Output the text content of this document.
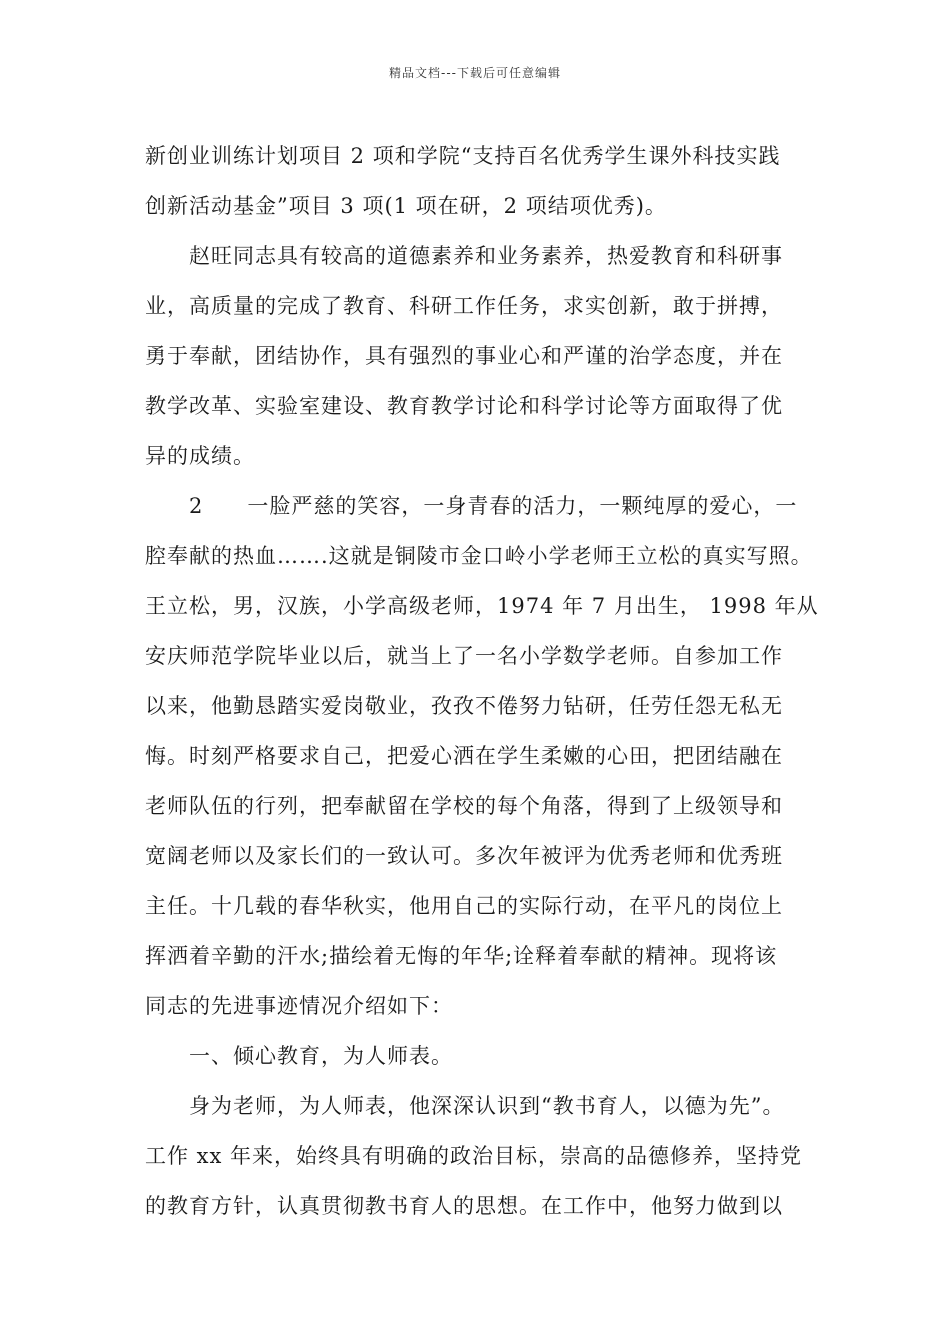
精品文档---下载后可任意编辑
新创业训练计划项目 2 项和学院“支持百名优秀学生课外科技实践
创新活动基金”项目 3 项(1 项在研，2 项结项优秀)。
　　赵旺同志具有较高的道德素养和业务素养，热爱教育和科研事
业，高质量的完成了教育、科研工作任务，求实创新，敢于拼搏，
勇于奉献，团结协作，具有强烈的事业心和严谨的治学态度，并在
教学改革、实验室建设、教育教学讨论和科学讨论等方面取得了优
异的成绩。
　　2　　一脸严慈的笑容，一身青春的活力，一颗纯厚的爱心，一
腔奉献的热血…….这就是铜陵市金口岭小学老师王立松的真实写照。
王立松，男，汉族，小学高级老师，1974 年 7 月出生， 1998 年从
安庆师范学院毕业以后，就当上了一名小学数学老师。自参加工作
以来，他勤恳踏实爱岗敬业，孜孜不倦努力钻研，任劳任怨无私无
悔。时刻严格要求自己，把爱心洒在学生柔嫩的心田，把团结融在
老师队伍的行列，把奉献留在学校的每个角落，得到了上级领导和
宽阔老师以及家长们的一致认可。多次年被评为优秀老师和优秀班
主任。十几载的春华秋实，他用自己的实际行动，在平凡的岗位上
挥洒着辛勤的汗水;描绘着无悔的年华;诠释着奉献的精神。现将该
同志的先进事迹情况介绍如下：
　　一、倾心教育，为人师表。
　　身为老师，为人师表，他深深认识到“教书育人，以德为先”。
工作 xx 年来，始终具有明确的政治目标，崇高的品德修养，坚持党
的教育方针，认真贯彻教书育人的思想。在工作中，他努力做到以
